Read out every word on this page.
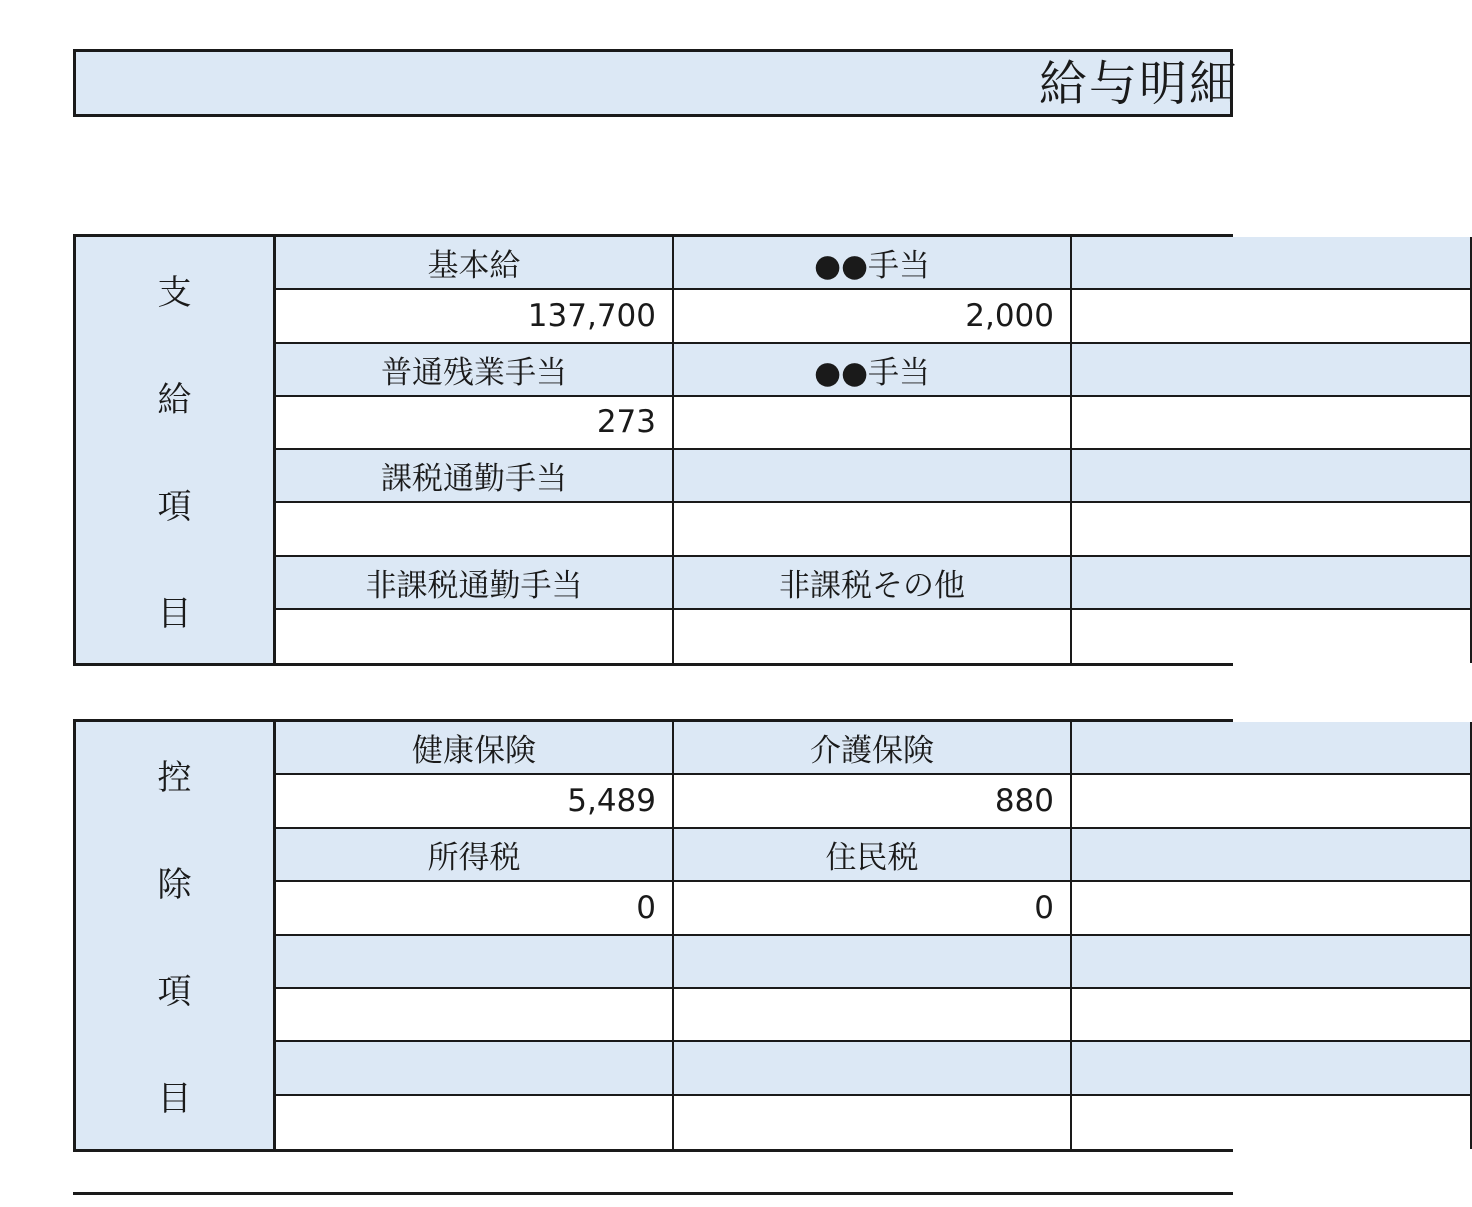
給与明細
支
給
項
目
基本給	●●手当
137,700	2,000
普通残業手当	●●手当
273
課税通勤手当
非課税通勤手当	非課税その他
控
除
項
目
健康保険	介護保険
5,489	880
所得税	住民税
0	0
